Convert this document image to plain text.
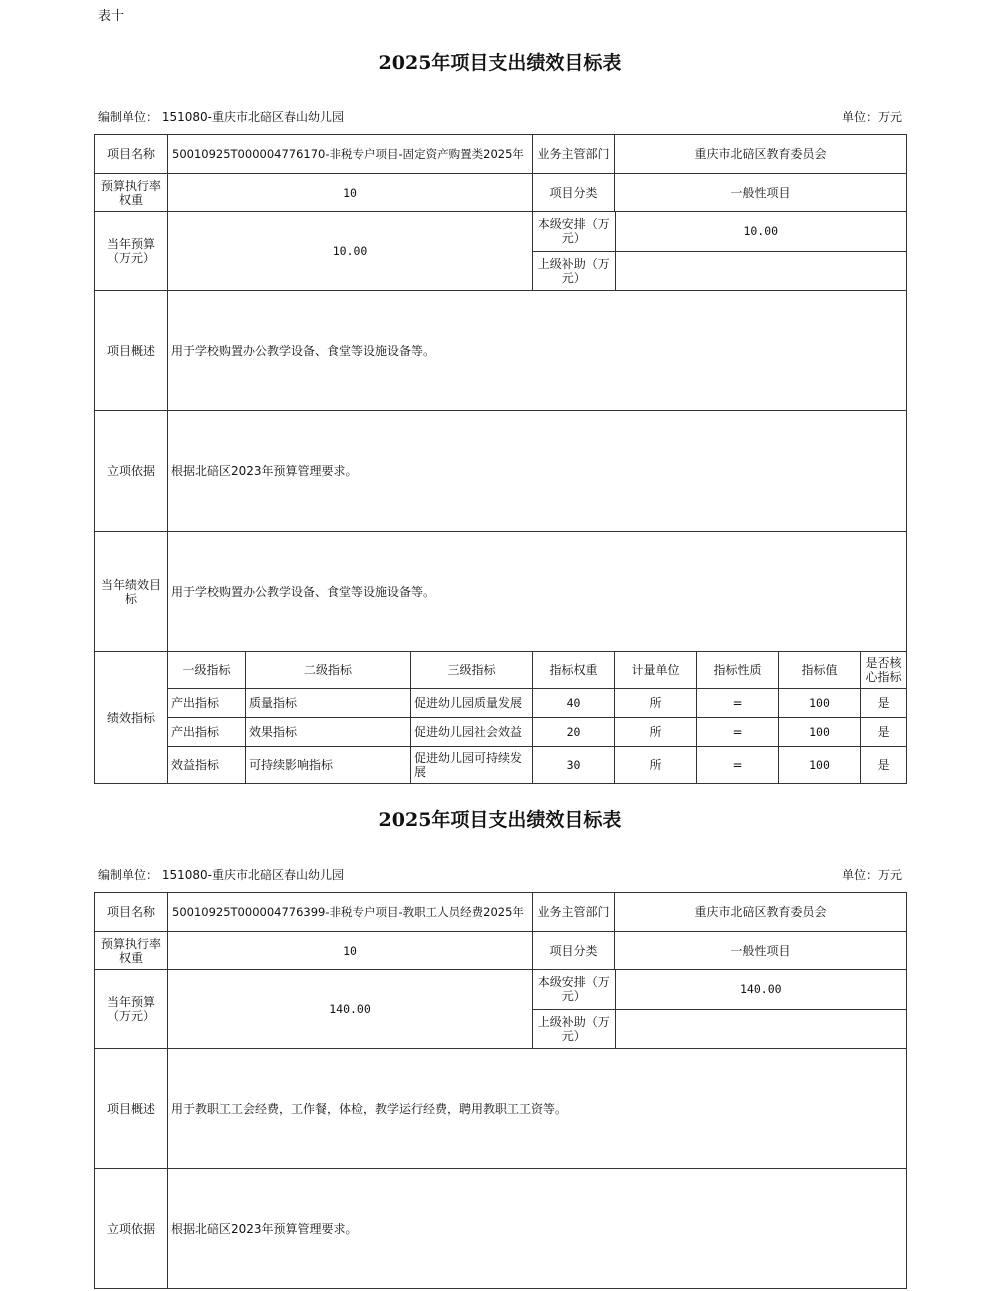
表十
2025年项目支出绩效目标表
编制单位： 151080-重庆市北碚区春山幼儿园	单位：万元
项目名称	50010925T000004776170-非税专户项目-固定资产购置类2025年	业务主管部门	重庆市北碚区教育委员会
预算执行率权重	10	项目分类	一般性项目
当年预算（万元）	10.00	
本级安排（万元）	10.00
上级补助（万元）	

项目概述	用于学校购置办公教学设备、食堂等设施设备等。
立项依据	根据北碚区2023年预算管理要求。
当年绩效目标	用于学校购置办公教学设备、食堂等设施设备等。
绩效指标	一级指标	二级指标	三级指标	指标权重	计量单位	指标性质	指标值	是否核心指标
产出指标	质量指标	促进幼儿园质量发展	40	所	=	100	是
产出指标	效果指标	促进幼儿园社会效益	20	所	=	100	是
效益指标	可持续影响指标	促进幼儿园可持续发展	30	所	=	100	是
2025年项目支出绩效目标表
编制单位： 151080-重庆市北碚区春山幼儿园	单位：万元
项目名称	50010925T000004776399-非税专户项目-教职工人员经费2025年	业务主管部门	重庆市北碚区教育委员会
预算执行率权重	10	项目分类	一般性项目
当年预算（万元）	140.00	
本级安排（万元）	140.00
上级补助（万元）	

项目概述	用于教职工工会经费，工作餐，体检，教学运行经费，聘用教职工工资等。
立项依据	根据北碚区2023年预算管理要求。
